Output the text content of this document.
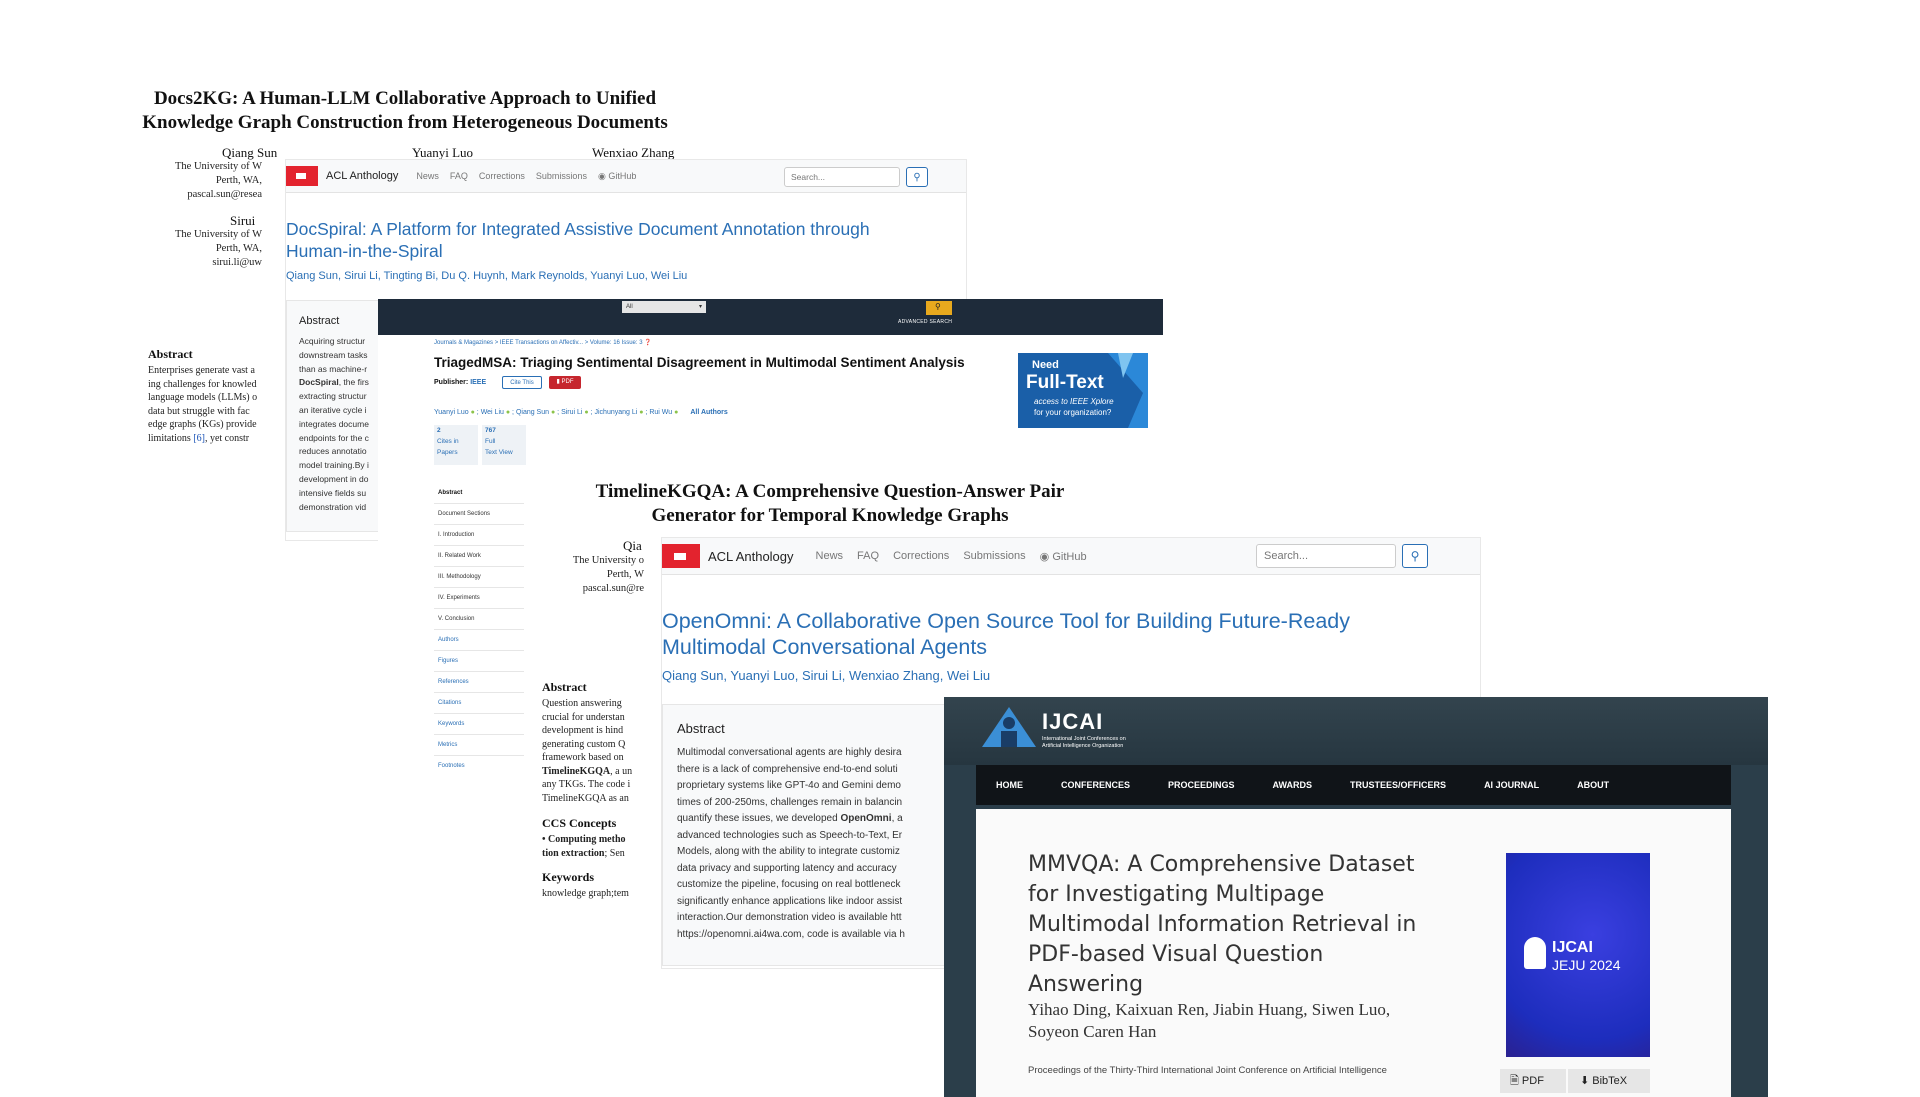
Docs2KG: A Human-LLM Collaborative Approach to Unified
Knowledge Graph Construction from Heterogeneous Documents
Qiang Sun	Yuanyi Luo	Wenxiao Zhang
The University of W
Perth, WA,
pascal.sun@resea
Sirui
The University of W
Perth, WA,
sirui.li@uw
Abstract
Enterprises generate vast a
ing challenges for knowled
language models (LLMs) o
data but struggle with fac
edge graphs (KGs) provide
limitations [6], yet constr
ACL Anthology News FAQ Corrections Submissions ◉ GitHub	Search...	⚲
DocSpiral: A Platform for Integrated Assistive Document Annotation through
Human-in-the-Spiral
Qiang Sun, Sirui Li, Tingting Bi, Du Q. Huynh, Mark Reynolds, Yuanyi Luo, Wei Liu
Abstract
Acquiring structur
downstream tasks
than as machine-r
DocSpiral, the firs
extracting structur
an iterative cycle i
integrates docume
endpoints for the c
reduces annotatio
model training.By i
development in do
intensive fields su
demonstration vid
All	▾	⚲
ADVANCED SEARCH
Journals & Magazines > IEEE Transactions on Affectiv... > Volume: 16 Issue: 3 ❓
TriagedMSA: Triaging Sentimental Disagreement in Multimodal Sentiment Analysis
Publisher: IEEE	Cite This	▮ PDF
Yuanyi Luo ● ; Wei Liu ● ; Qiang Sun ● ; Sirui Li ● ; Jichunyang Li ● ; Rui Wu ● All Authors
2
Cites in
Papers
767
Full
Text View
Abstract
Document Sections
I. Introduction
II. Related Work
III. Methodology
IV. Experiments
V. Conclusion
Authors
Figures
References
Citations
Keywords
Metrics
Footnotes
Need
Full-Text
access to IEEE Xplore
for your organization?
TimelineKGQA: A Comprehensive Question-Answer Pair
Generator for Temporal Knowledge Graphs
Qia
The University o
Perth, W
pascal.sun@re
Abstract
Question answering
crucial for understan
development is hind
generating custom Q
framework based on
TimelineKGQA, a un
any TKGs. The code i
TimelineKGQA as an
CCS Concepts
• Computing metho
tion extraction; Sen
Keywords
knowledge graph;tem
ACL Anthology News FAQ Corrections Submissions ◉ GitHub	Search...	⚲
OpenOmni: A Collaborative Open Source Tool for Building Future-Ready
Multimodal Conversational Agents
Qiang Sun, Yuanyi Luo, Sirui Li, Wenxiao Zhang, Wei Liu
Abstract
Multimodal conversational agents are highly desira
there is a lack of comprehensive end-to-end soluti
proprietary systems like GPT-4o and Gemini demo
times of 200-250ms, challenges remain in balancin
quantify these issues, we developed OpenOmni, a
advanced technologies such as Speech-to-Text, Er
Models, along with the ability to integrate customiz
data privacy and supporting latency and accuracy
customize the pipeline, focusing on real bottleneck
significantly enhance applications like indoor assist
interaction.Our demonstration video is available htt
https://openomni.ai4wa.com, code is available via h
IJCAI
International Joint Conferences on
Artificial Intelligence Organization
HOME	CONFERENCES	PROCEEDINGS	AWARDS	TRUSTEES/OFFICERS	AI JOURNAL	ABOUT
MMVQA: A Comprehensive Dataset
for Investigating Multipage
Multimodal Information Retrieval in
PDF-based Visual Question
Answering
Yihao Ding, Kaixuan Ren, Jiabin Huang, Siwen Luo,
Soyeon Caren Han
Proceedings of the Thirty-Third International Joint Conference on Artificial Intelligence
IJCAI
JEJU 2024
🗎 PDF	⬇ BibTeX
